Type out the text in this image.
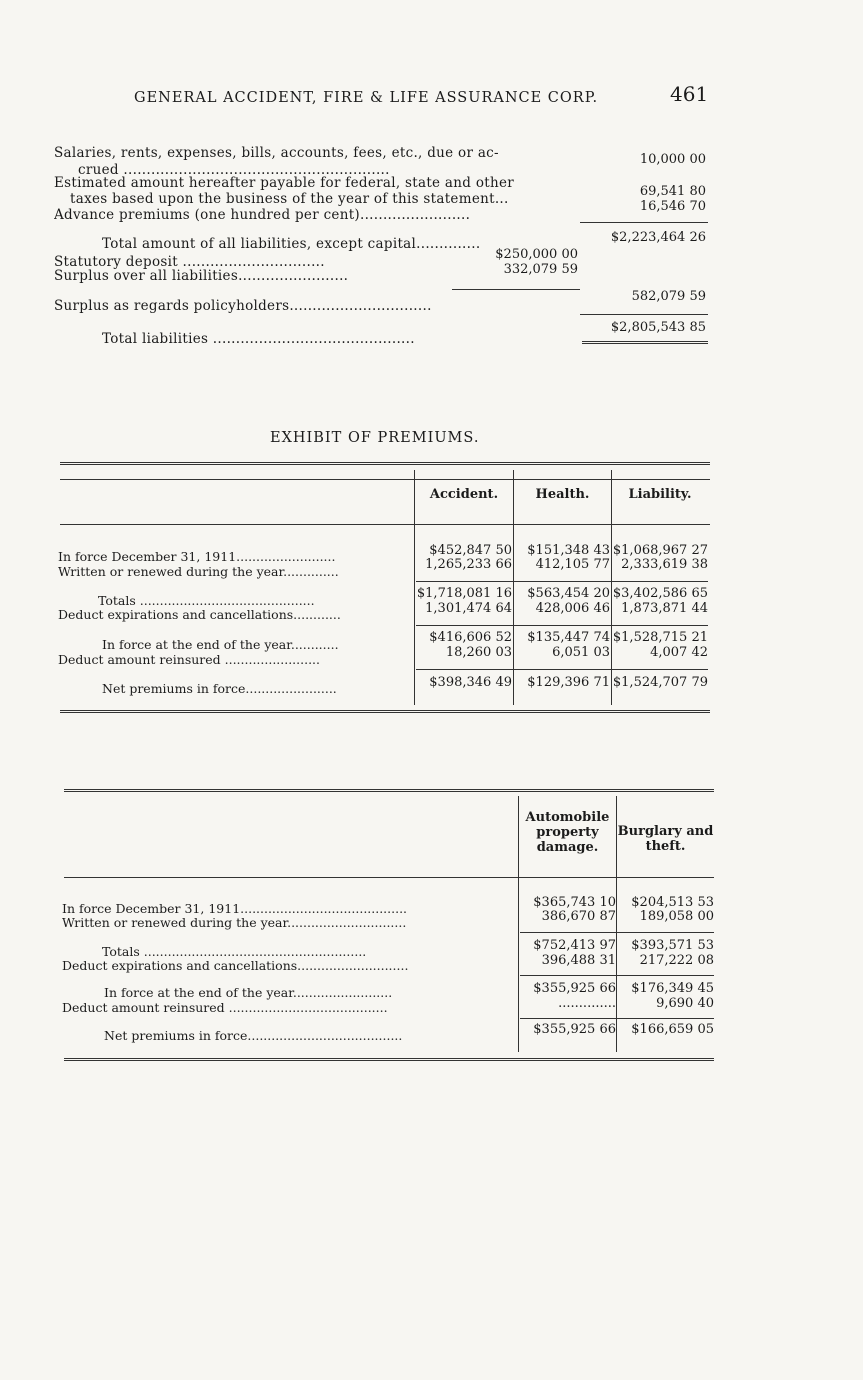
GENERAL ACCIDENT, FIRE & LIFE ASSURANCE CORP.	461
Salaries, rents, expenses, bills, accounts, fees, etc., due or ac-
crued ..........................................................
10,000 00
Estimated amount hereafter payable for federal, state and other
taxes based upon the business of the year of this statement...	69,541 80
Advance premiums (one hundred per cent)........................
16,546 70
Total amount of all liabilities, except capital..............	$2,223,464 26
Statutory deposit ...............................	$250,000 00
Surplus over all liabilities........................	332,079 59
Surplus as regards policyholders...............................
582,079 59
Total liabilities ............................................
$2,805,543 85
EXHIBIT OF PREMIUMS.
Accident.	Health.	Liability.
In force December 31, 1911.........................	$452,847 50	$151,348 43 $1,068,967 27
Written or renewed during the year..............	1,265,233 66	412,105 77 2,333,619 38
Totals ............................................	$1,718,081 16	$563,454 20 $3,402,586 65
Deduct expirations and cancellations............	1,301,474 64	428,006 46 1,873,871 44
In force at the end of the year............	$416,606 52	$135,447 74 $1,528,715 21
Deduct amount reinsured ........................	18,260 03	6,051 03	4,007 42
Net premiums in force.......................	$398,346 49	$129,396 71 $1,524,707 79
Automobile property damage.
Burglary and theft.
In force December 31, 1911..........................................	$365,743 10	$204,513 53
Written or renewed during the year..............................	386,670 87	189,058 00
Totals ........................................................	$752,413 97	$393,571 53
Deduct expirations and cancellations............................	396,488 31	217,222 08
In force at the end of the year.........................	$355,925 66	$176,349 45
Deduct amount reinsured ........................................	..............	9,690 40
Net premiums in force.......................................	$355,925 66	$166,659 05
